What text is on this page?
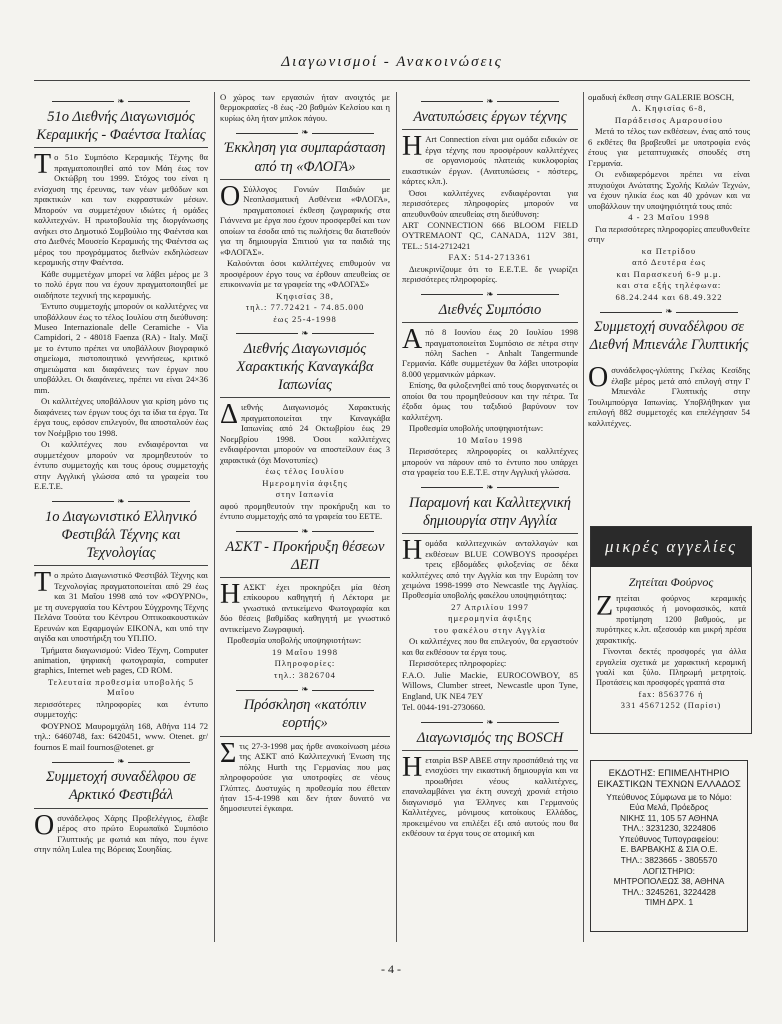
Διαγωνισμοί - Ανακοινώσεις
❧
51ο Διεθνής Διαγωνισμός Κεραμικής - Φαέντσα Ιταλίας

Το 51ο Συμπόσιο Κεραμικής Τέχνης θα πραγματοποιηθεί από τον Μάη έως τον Οκτώβρη του 1999. Στόχος του είναι η ενίσχυση της έρευνας, των νέων μεθόδων και πρακτικών και των εκφραστικών μέσων. Μπορούν να συμμετέχουν ιδιώτες ή ομάδες καλλιτεχνών. Η πρωτοβουλία της διοργάνωσης ανήκει στο Δημοτικό Συμβούλιο της Φαέντσα και στο Διεθνές Μουσείο Κεραμικής της Φαέντσα ως μέρος του προγράμματος διεθνών εκδηλώσεων κεραμικής στην Φαέντσα.

Κάθε συμμετέχων μπορεί να λάβει μέρος με 3 το πολύ έργα που να έχουν πραγματοποιηθεί με οιαδήποτε τεχνική της κεραμικής.

Έντυπο συμμετοχής μπορούν οι καλλιτέχνες να υποβάλλουν έως το τέλος Ιουλίου στη διεύθυνση: Museo Internazionale delle Ceramiche - Via Campidori, 2 - 48018 Faenza (RA) - Italy. Μαζί με το έντυπο πρέπει να υποβάλλουν βιογραφικό σημείωμα, πιστοποιητικό γεννήσεως, κριτικό σημειώματα και διαφάνειες των έργων που υποβάλλει. Οι διαφάνειες, πρέπει να είναι 24×36 mm.

Οι καλλιτέχνες υποβάλλουν για κρίση μόνο τις διαφάνειες των έργων τους όχι τα ίδια τα έργα. Τα έργα τους, εφόσον επιλεγούν, θα αποσταλούν έως τον Νοέμβριο του 1998.

Οι καλλιτέχνες που ενδιαφέρονται να συμμετέχουν μπορούν να προμηθευτούν το έντυπο συμμετοχής και τους όρους συμμετοχής στην Αγγλική γλώσσα από τα γραφεία του Ε.Ε.Τ.Ε.

❧
1ο Διαγωνιστικό Ελληνικό Φεστιβάλ Τέχνης και Τεχνολογίας

Το πρώτο Διαγωνιστικό Φεστιβάλ Τέχνης και Τεχνολογίας πραγματοποιείται από 29 έως και 31 Μαΐου 1998 από τον «ΦΟΥΡΝΟ», με τη συνεργασία του Κέντρου Σύγχρονης Τέχνης Πελάνα Τσούτα του Κέντρου Οπτικοακουστικών Ερευνών και Εφαρμογών EIKONA, και υπό την αιγίδα και υποστήριξη του ΥΠ.ΠΟ.

Τμήματα διαγωνισμού: Video Τέχνη, Computer animation, ψηφιακή φωτογραφία, computer graphics, Internet web pages, CD ROM.

Τελευταία προθεσμία υποβολής 5 Μαΐου

περισσότερες πληροφορίες και έντυπο συμμετοχής:

ΦΟΥΡΝΟΣ Μαυρομιχάλη 168, Αθήνα 114 72 τηλ.: 6460748, fax: 6420451, www. Otenet. gr/ fournos E mail fournos@otenet. gr

❧
Συμμετοχή συναδέλφου σε Αρκτικό Φεστιβάλ

Οσυνάδελφος Χάρης Προβελέγγιος, έλαβε μέρος στο πρώτο Ευρωπαϊκό Συμπόσιο Γλυπτικής με φωτιά και πάγο, που έγινε στην πόλη Lulea της Βόρειας Σουηδίας.

Ο χώρος των εργασιών ήταν ανοιχτός με θερμοκρασίες -8 έως -20 βαθμών Κελσίου και η κυρίως όλη ήταν μπλοκ πάγου.

❧
Έκκληση για συμπαράσταση από τη «ΦΛΟΓΑ»

Ο Σύλλογος Γονιών Παιδιών με Νεοπλασματική Ασθένεια «ΦΛΟΓΑ», πραγματοποιεί έκθεση ζωγραφικής στα Γιάννενα με έργα που έχουν προσφερθεί και των οποίων τα έσοδα από τις πωλήσεις θα διατεθούν για τη δημιουργία Σπιτιού για τα παιδιά της «ΦΛΟΓΑΣ».

Καλούνται όσοι καλλιτέχνες επιθυμούν να προσφέρουν έργο τους να έρθουν απευθείας σε επικοινωνία με τα γραφεία της «ΦΛΟΓΑΣ»

Κηφισίας 38,

τηλ.: 77.72421 - 74.85.000

έως 25-4-1998

❧
Διεθνής Διαγωνισμός Χαρακτικής Καναγκάβα Ιαπωνίας

Διεθνής Διαγωνισμός Χαρακτικής πραγματοποιείται την Καναγκάβα Ιαπωνίας από 24 Οκτωβρίου έως 29 Νοεμβρίου 1998. Όσοι καλλιτέχνες ενδιαφέρονται μπορούν να αποστείλουν έως 3 χαρακτικά (όχι Μονοτυπίες)

έως τέλος Ιουλίου

Ημερομηνία άφιξης

στην Ιαπωνία

αφού προμηθευτούν την προκήρυξη και το έντυπο συμμετοχής από τα γραφεία του ΕΕΤΕ.

❧
ΑΣΚΤ - Προκήρυξη θέσεων ΔΕΠ

ΗΑΣΚΤ έχει προκηρύξει μία θέση επίκουρου καθηγητή ή Λέκτορα με γνωστικό αντικείμενο Φωτογραφία και δύο θέσεις βαθμίδας καθηγητή με γνωστικό αντικείμενο Ζωγραφική.

Προθεσμία υποβολής υποψηφιοτήτων:

19 Μαΐου 1998

Πληροφορίες:

τηλ.: 3826704

❧
Πρόσκληση «κατόπιν εορτής»

Στις 27-3-1998 μας ήρθε ανακοίνωση μέσω της ΑΣΚΤ από Καλλιτεχνική Ένωση της πόλης Hurth της Γερμανίας που μας πληροφορούσε για υποτροφίες σε νέους Γλύπτες. Δυστυχώς η προθεσμία που έθεταν ήταν 15-4-1998 και δεν ήταν δυνατό να δημοσιευτεί έγκαιρα.

❧
Ανατυπώσεις έργων τέχνης

Η Art Connection είναι μια ομάδα ειδικών σε έργα τέχνης που προσφέρουν καλλιτέχνες σε οργανισμούς πλατειάς κυκλοφορίας εικαστικών έργων. (Ανατυπώσεις - πόστερς, κάρτες κλπ.).

Όσοι καλλιτέχνες ενδιαφέρονται για περισσότερες πληροφορίες μπορούν να απευθυνθούν απευθείας στη διεύθυνση:

ART CONNECTION 666 BLOOM FIELD OYTREMAONT QC, CANADA, 112V 381, TEL.: 514-2712421

FAX: 514-2713361

Διευκρινίζουμε ότι το Ε.Ε.Τ.Ε. δε γνωρίζει περισσότερες πληροφορίες.

❧
Διεθνές Συμπόσιο

Από 8 Ιουνίου έως 20 Ιουλίου 1998 πραγματοποιείται Συμπόσιο σε πέτρα στην πόλη Sachen - Anhalt Tangermunde Γερμανία. Κάθε συμμετέχων θα λάβει υποτροφία 8.000 γερμανικών μάρκων.

Επίσης, θα φιλοξενηθεί από τους διοργανωτές οι οποίοι θα του προμηθεύσουν και την πέτρα. Τα έξοδα όμως του ταξιδιού βαρύνουν τον καλλιτέχνη.

Προθεσμία υποβολής υποψηφιοτήτων:

10 Μαΐου 1998

Περισσότερες πληροφορίες οι καλλιτέχνες μπορούν να πάρουν από το έντυπο που υπάρχει στα γραφεία του Ε.Ε.Τ.Ε. στην Αγγλική γλώσσα.

❧
Παραμονή και Καλλιτεχνική δημιουργία στην Αγγλία

Ηομάδα καλλιτεχνικών ανταλλαγών και εκθέσεων BLUE COWBOYS προσφέρει τρεις εβδομάδες φιλοξενίας σε δέκα καλλιτέχνες από την Αγγλία και την Ευρώπη τον χειμώνα 1998-1999 στο Newcastle της Αγγλίας. Προθεσμία υποβολής φακέλου υποψηφιότητας:

27 Απριλίου 1997

ημερομηνία άφιξης

του φακέλου στην Αγγλία

Οι καλλιτέχνες που θα επιλεγούν, θα εργαστούν και θα εκθέσουν τα έργα τους.

Περισσότερες πληροφορίες:

F.A.O. Julie Mackie, EUROCOWBOY, 85 Willows, Clumber street, Newcastle upon Tyne, England, UK NE4 7EY

Tel. 0044-191-2730660.

❧
Διαγωνισμός της BOSCH

Ηεταιρία BSP ABEE στην προσπάθειά της να ενισχύσει την εικαστική δημιουργία και να προωθήσει νέους καλλιτέχνες, επαναλαμβάνει για έκτη συνεχή χρονιά ετήσιο διαγωνισμό για Έλληνες και Γερμανούς Καλλιτέχνες, μόνιμους κατοίκους Ελλάδος, προκειμένου να επιλέξει έξι από αυτούς που θα εκθέσουν τα έργα τους σε ατομική και

ομαδική έκθεση στην GALERIE BOSCH,

Λ. Κηφισίας 6-8,

Παράδεισος Αμαρουσίου

Μετά το τέλος των εκθέσεων, ένας από τους 6 εκθέτες θα βραβευθεί με υποτροφία ενός έτους για μεταπτυχιακές σπουδές στη Γερμανία.

Οι ενδιαφερόμενοι πρέπει να είναι πτυχιούχοι Ανώτατης Σχολής Καλών Τεχνών, να έχουν ηλικία έως και 40 χρόνων και να υποβάλλουν την υποψηφιότητά τους από:

4 - 23 Μαΐου 1998

Για περισσότερες πληροφορίες απευθυνθείτε στην

κα Πετρίδου

από Δευτέρα έως

και Παρασκευή 6-9 μ.μ.

και στα εξής τηλέφωνα:

68.24.244 και 68.49.322

❧
Συμμετοχή συναδέλφου σε Διεθνή Μπιενάλε Γλυπτικής

Οσυνάδελφος-γλύπτης Γκέλας Κεσίδης έλαβε μέρος μετά από επιλογή στην Γ Μπιενάλε Γλυπτικής στην Τουλιμπούργα Ιαπωνίας. Υποβλήθηκαν για επιλογή 882 συμμετοχές και επελέγησαν 54 καλλιτέχνες.

μικρές αγγελίες
Ζητείται Φούρνος

Ζητείται φούρνος κεραμικής τριφασικός ή μονοφασικός, κατά προτίμηση 1200 βαθμούς, με πυρότηκες κ.λπ. αξεσουάρ και μικρή πρέσα χαρακτικής.

Γίνονται δεκτές προσφορές για άλλα εργαλεία σχετικά με χαρακτική κεραμική γυαλί και ξύλο. Πληρωμή μετρητοίς. Προτάσεις και προσφορές γραπτά στα

fax: 8563776 ή

331 45671252 (Παρίσι)

ΕΚΔΟΤΗΣ: ΕΠΙΜΕΛΗΤΗΡΙΟ ΕΙΚΑΣΤΙΚΩΝ ΤΕΧΝΩΝ ΕΛΛΑΔΟΣ
Υπεύθυνος Σύμφωνα με το Νόμο:
Εύα Μελά, Πρόεδρος
ΝΙΚΗΣ 11, 105 57 ΑΘΗΝΑ
ΤΗΛ.: 3231230, 3224806
Υπεύθυνος Τυπογραφείου:
Ε. ΒΑΡΒΑΚΗΣ & ΣΙΑ Ο.Ε.
ΤΗΛ.: 3823665 - 3805570
ΛΟΓΙΣΤΗΡΙΟ:
ΜΗΤΡΟΠΟΛΕΩΣ 38, ΑΘΗΝΑ
ΤΗΛ.: 3245261, 3224428
ΤΙΜΗ ΔΡΧ. 1
- 4 -
